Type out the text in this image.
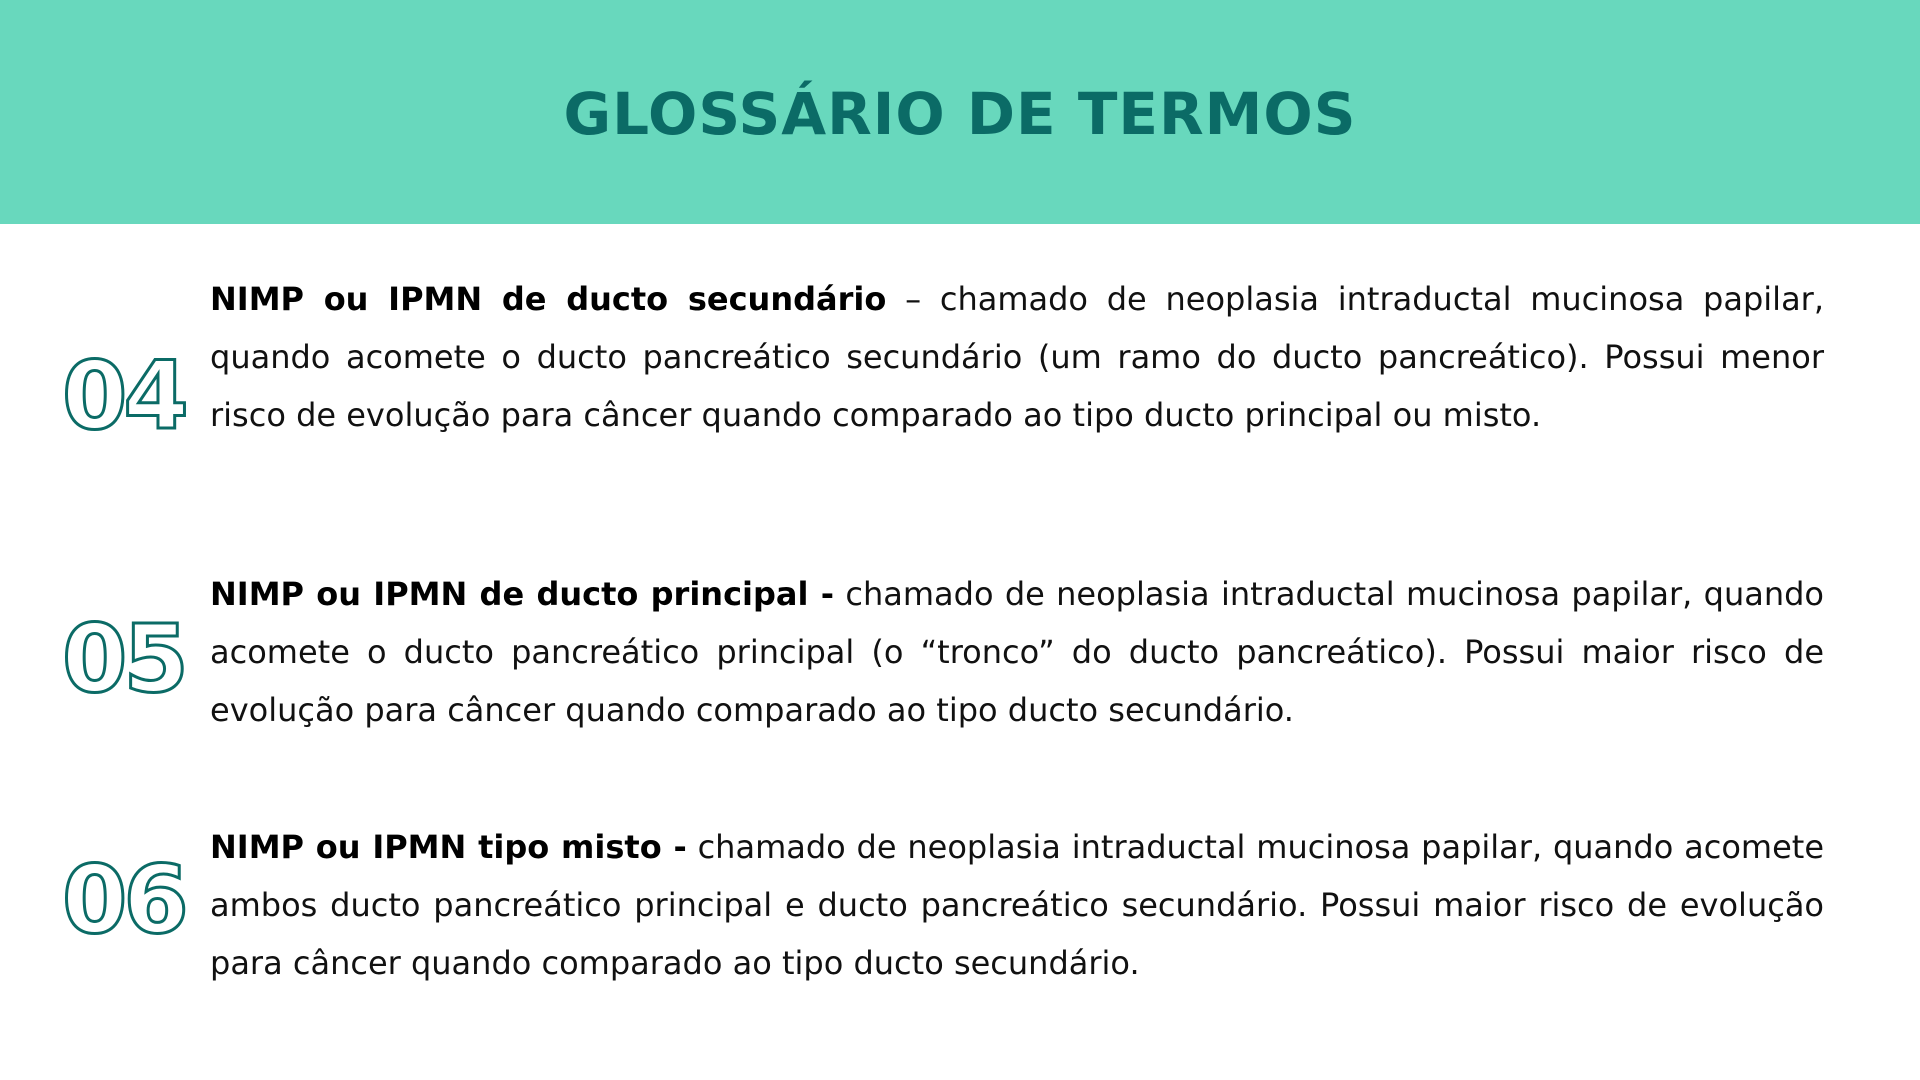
GLOSSÁRIO DE TERMOS
04

NIMP ou IPMN de ducto secundário – chamado de neoplasia intraductal mucinosa papilar, quando acomete o ducto pancreático secundário (um ramo do ducto pancreático). Possui menor risco de evolução para câncer quando comparado ao tipo ducto principal ou misto.

05

NIMP ou IPMN de ducto principal - chamado de neoplasia intraductal mucinosa papilar, quando acomete o ducto pancreático principal (o “tronco” do ducto pancreático). Possui maior risco de evolução para câncer quando comparado ao tipo ducto secundário.

06 NIMP ou IPMN tipo misto - chamado de neoplasia intraductal mucinosa papilar, quando acomete ambos ducto pancreático principal e ducto pancreático secundário. Possui maior risco de evolução para câncer quando comparado ao tipo ducto secundário.
